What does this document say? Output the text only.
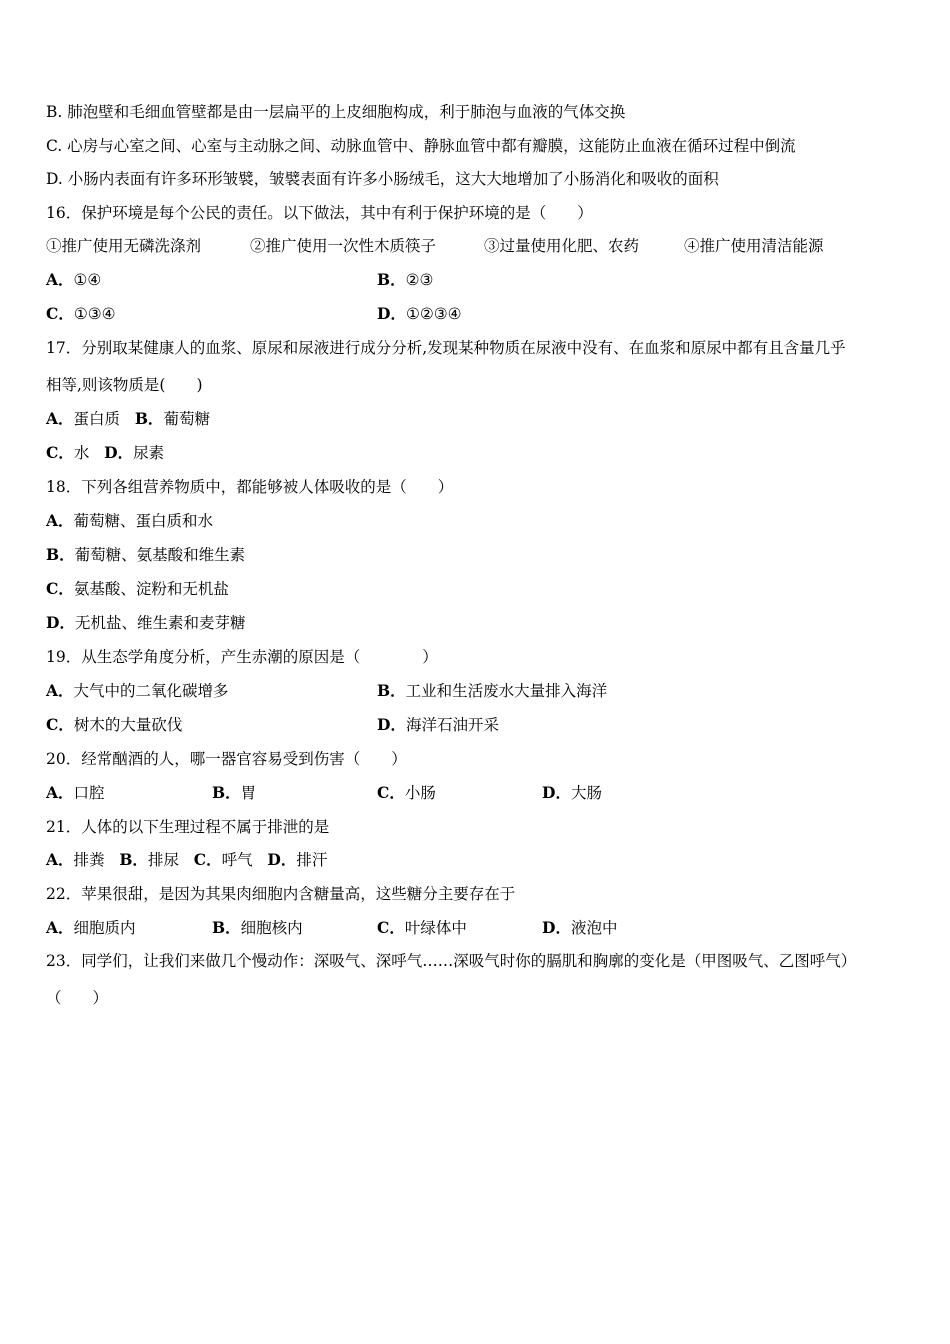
B. 肺泡壁和毛细血管壁都是由一层扁平的上皮细胞构成，利于肺泡与血液的气体交换
C. 心房与心室之间、心室与主动脉之间、动脉血管中、静脉血管中都有瓣膜，这能防止血液在循环过程中倒流
D. 小肠内表面有许多环形皱襞，皱襞表面有许多小肠绒毛，这大大地增加了小肠消化和吸收的面积
16．保护环境是每个公民的责任。以下做法，其中有利于保护环境的是（　　）
①推广使用无磷洗涤剂	②推广使用一次性木质筷子	③过量使用化肥、农药	④推广使用清洁能源
A．①④	B．②③
C．①③④	D．①②③④
17．分别取某健康人的血浆、原尿和尿液进行成分分析,发现某种物质在尿液中没有、在血浆和原尿中都有且含量几乎
相等,则该物质是(　　)
A．蛋白质 B．葡萄糖
C．水 D．尿素
18．下列各组营养物质中，都能够被人体吸收的是（　　）
A．葡萄糖、蛋白质和水
B．葡萄糖、氨基酸和维生素
C．氨基酸、淀粉和无机盐
D．无机盐、维生素和麦芽糖
19．从生态学角度分析，产生赤潮的原因是（　　　　）
A．大气中的二氧化碳增多	B．工业和生活废水大量排入海洋
C．树木的大量砍伐	D．海洋石油开采
20．经常酗酒的人，哪一器官容易受到伤害（　　）
A．口腔	B．胃	C．小肠	D．大肠
21．人体的以下生理过程不属于排泄的是
A．排粪 B．排尿 C．呼气 D．排汗
22．苹果很甜，是因为其果肉细胞内含糖量高，这些糖分主要存在于
A．细胞质内	B．细胞核内	C．叶绿体中	D．液泡中
23．同学们，让我们来做几个慢动作：深吸气、深呼气……深吸气时你的膈肌和胸廓的变化是（甲图吸气、乙图呼气）
（　　）
